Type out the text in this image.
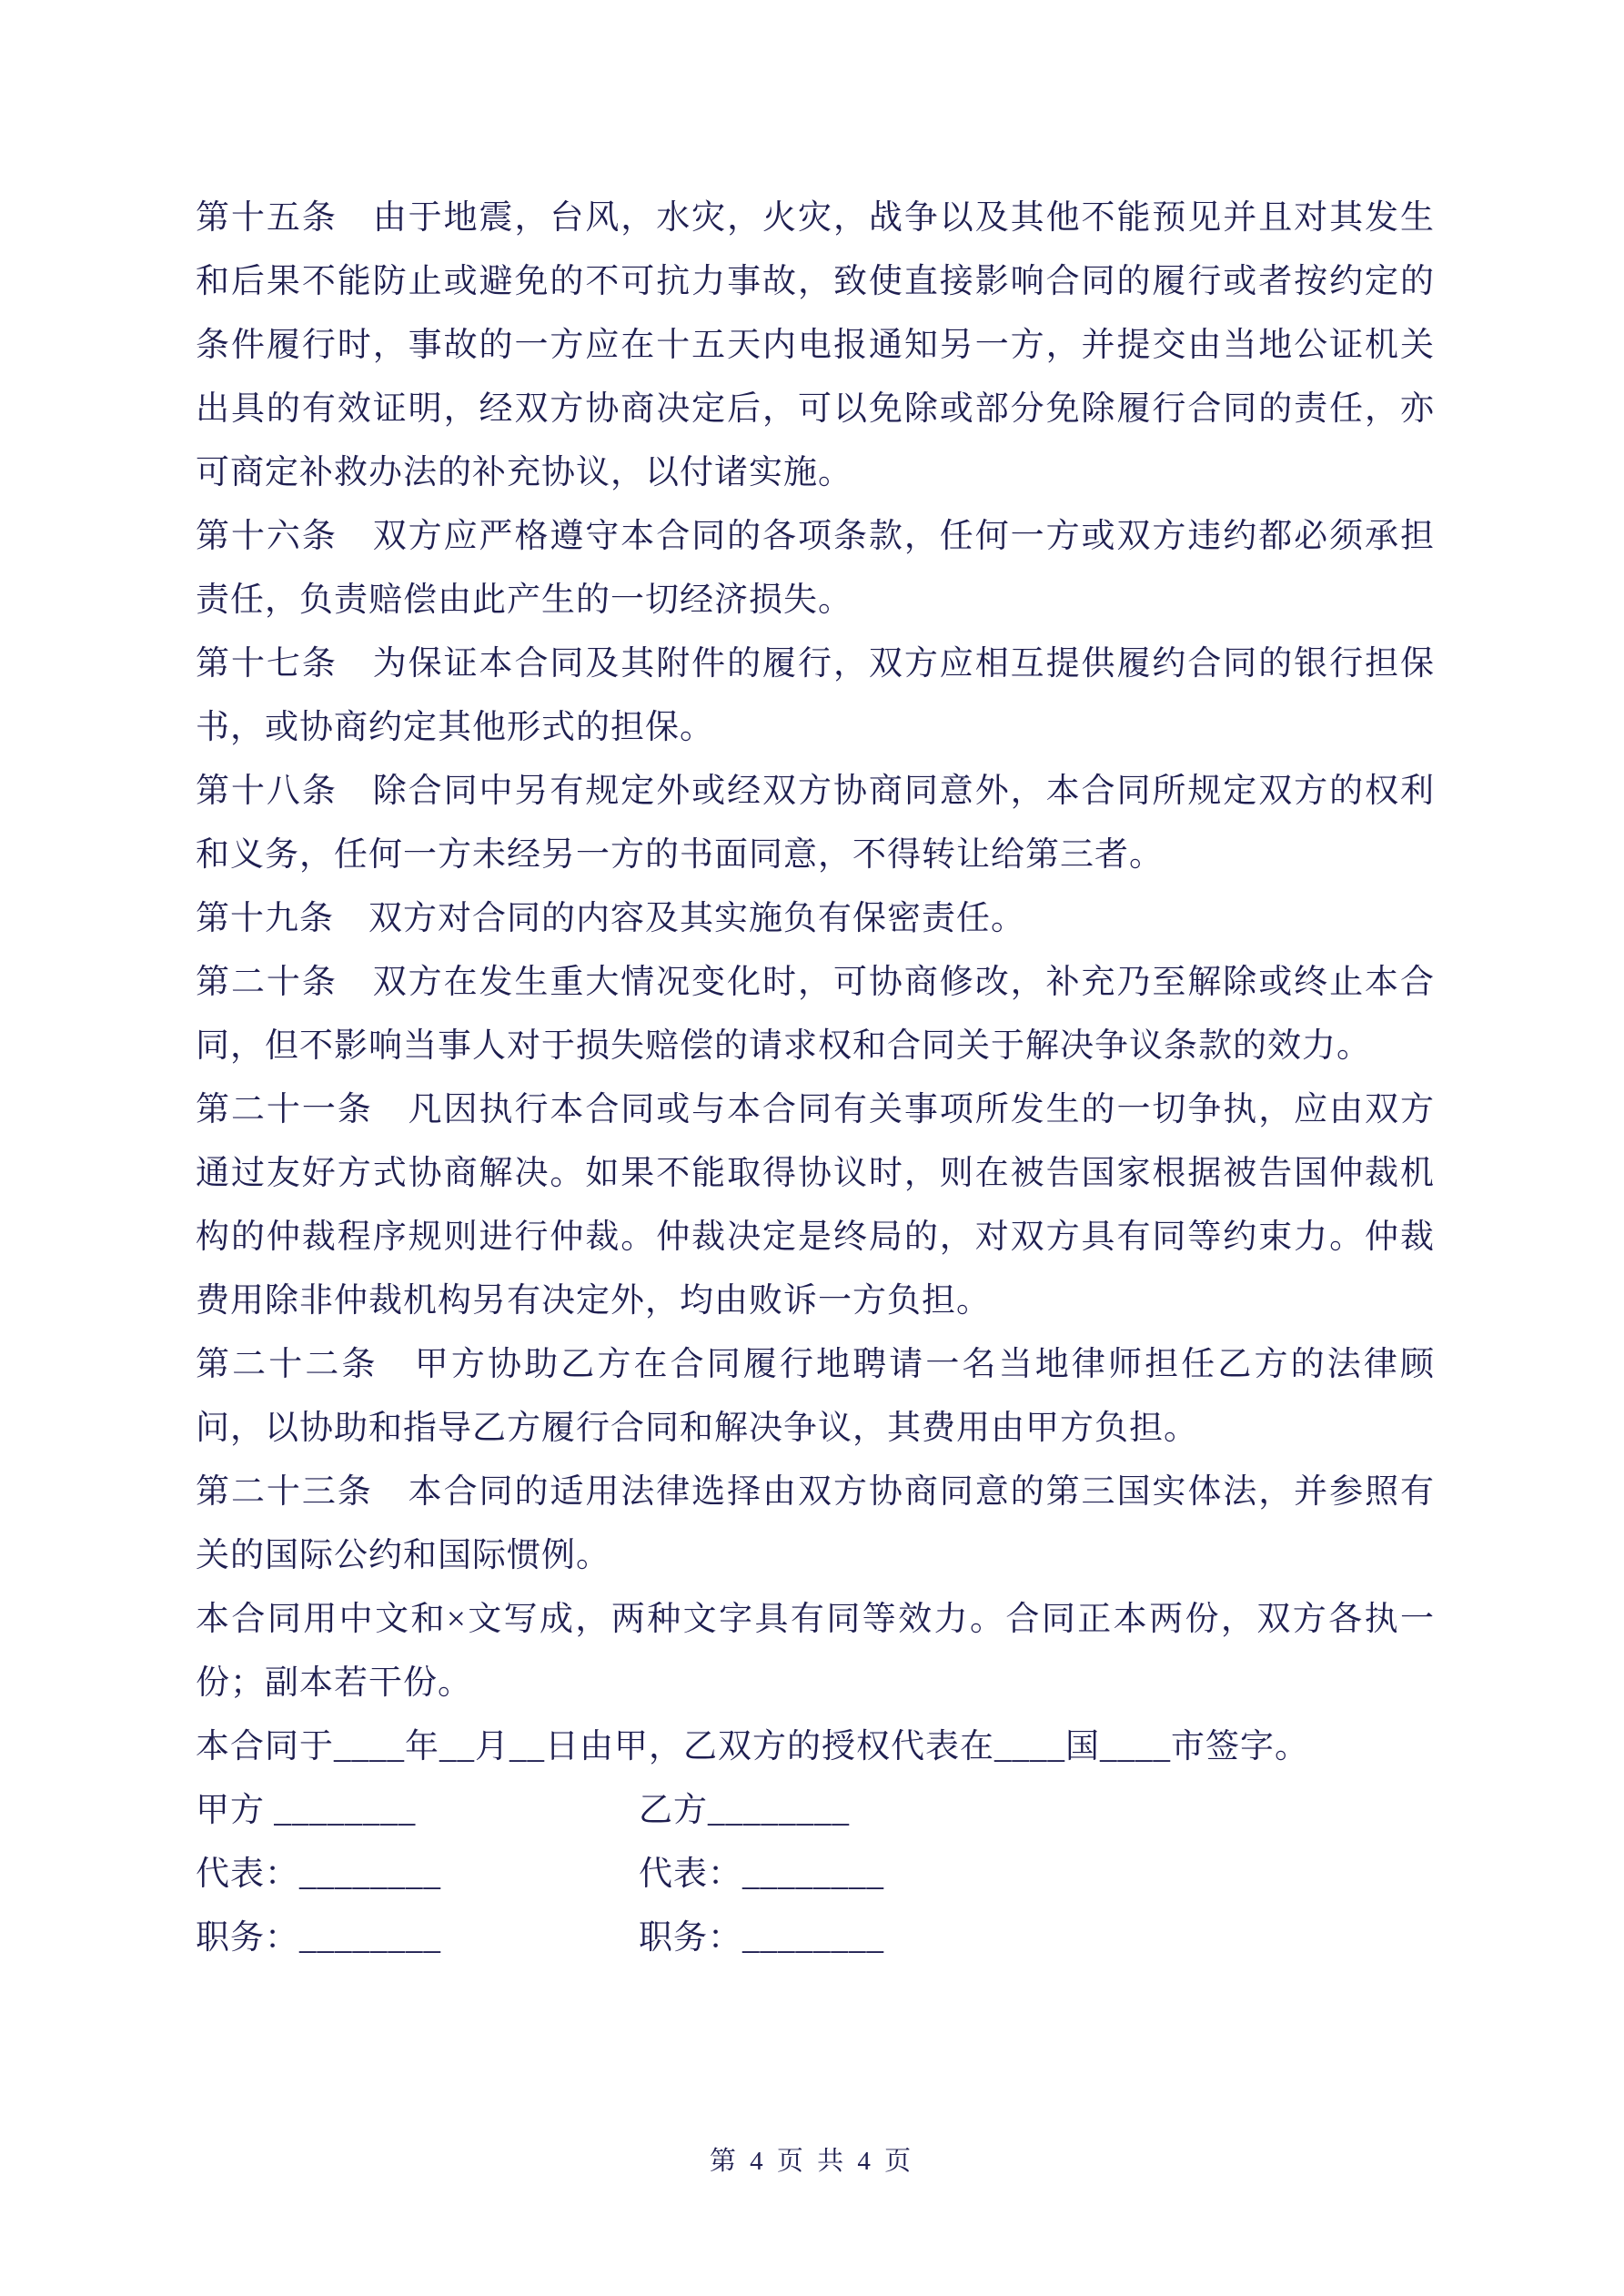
第十五条　由于地震，台风，水灾，火灾，战争以及其他不能预见并且对其发生和后果不能防止或避免的不可抗力事故，致使直接影响合同的履行或者按约定的条件履行时，事故的一方应在十五天内电报通知另一方，并提交由当地公证机关出具的有效证明，经双方协商决定后，可以免除或部分免除履行合同的责任，亦可商定补救办法的补充协议，以付诸实施。

第十六条　双方应严格遵守本合同的各项条款，任何一方或双方违约都必须承担责任，负责赔偿由此产生的一切经济损失。

第十七条　为保证本合同及其附件的履行，双方应相互提供履约合同的银行担保书，或协商约定其他形式的担保。

第十八条　除合同中另有规定外或经双方协商同意外，本合同所规定双方的权利和义务，任何一方未经另一方的书面同意，不得转让给第三者。

第十九条　双方对合同的内容及其实施负有保密责任。

第二十条　双方在发生重大情况变化时，可协商修改，补充乃至解除或终止本合同，但不影响当事人对于损失赔偿的请求权和合同关于解决争议条款的效力。

第二十一条　凡因执行本合同或与本合同有关事项所发生的一切争执，应由双方通过友好方式协商解决。如果不能取得协议时，则在被告国家根据被告国仲裁机构的仲裁程序规则进行仲裁。仲裁决定是终局的，对双方具有同等约束力。仲裁费用除非仲裁机构另有决定外，均由败诉一方负担。

第二十二条　甲方协助乙方在合同履行地聘请一名当地律师担任乙方的法律顾问，以协助和指导乙方履行合同和解决争议，其费用由甲方负担。

第二十三条　本合同的适用法律选择由双方协商同意的第三国实体法，并参照有关的国际公约和国际惯例。

本合同用中文和×文写成，两种文字具有同等效力。合同正本两份，双方各执一份；副本若干份。

本合同于____年__月__日由甲，乙双方的授权代表在____国____市签字。

甲方 ________	乙方________
代表：________	代表：________
职务：________	职务：________
第 4 页 共 4 页
